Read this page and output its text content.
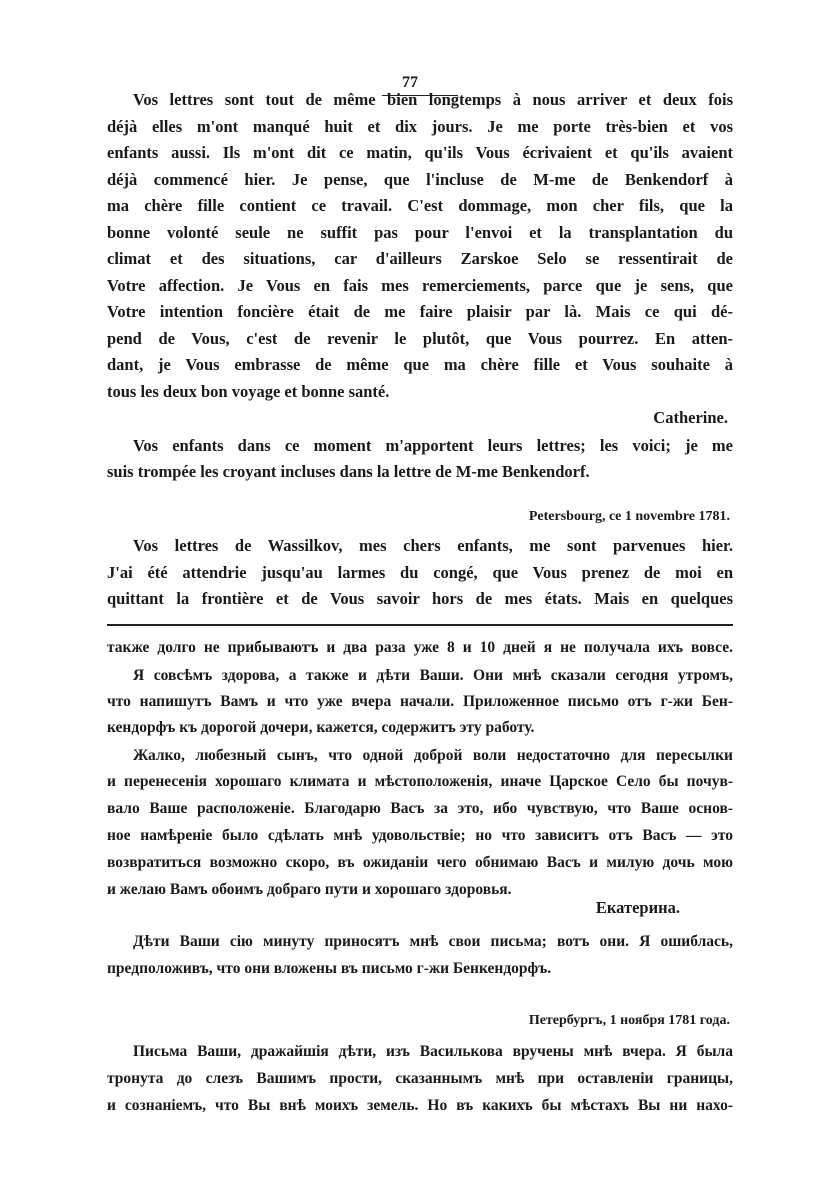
77
Vos lettres sont tout de même bien longtemps à nous arriver et deux fois
déjà elles m'ont manqué huit et dix jours. Je me porte très-bien et vos
enfants aussi. Ils m'ont dit ce matin, qu'ils Vous écrivaient et qu'ils avaient
déjà commencé hier. Je pense, que l'incluse de M-me de Benkendorf à
ma chère fille contient ce travail. C'est dommage, mon cher fils, que la
bonne volonté seule ne suffit pas pour l'envoi et la transplantation du
climat et des situations, car d'ailleurs Zarskoe Selo se ressentirait de
Votre affection. Je Vous en fais mes remerciements, parce que je sens, que
Votre intention foncière était de me faire plaisir par là. Mais ce qui dé-
pend de Vous, c'est de revenir le plutôt, que Vous pourrez. En atten-
dant, je Vous embrasse de même que ma chère fille et Vous souhaite à
tous les deux bon voyage et bonne santé.
Catherine.
Vos enfants dans ce moment m'apportent leurs lettres; les voici; je me
suis trompée les croyant incluses dans la lettre de M-me Benkendorf.
Petersbourg, ce 1 novembre 1781.
Vos lettres de Wassilkov, mes chers enfants, me sont parvenues hier.
J'ai été attendrie jusqu'au larmes du congé, que Vous prenez de moi en
quittant la frontière et de Vous savoir hors de mes états. Mais en quelques
также долго не прибываютъ и два раза уже 8 и 10 дней я не получала ихъ вовсе.
Я совсѣмъ здорова, а также и дѣти Ваши. Они мнѣ сказали сегодня утромъ,
что напишутъ Вамъ и что уже вчера начали. Приложенное письмо отъ г-жи Бен-
кендорфъ къ дорогой дочери, кажется, содержитъ эту работу.
Жалко, любезный сынъ, что одной доброй воли недостаточно для пересылки
и перенесенія хорошаго климата и мѣстоположенія, иначе Царское Село бы почув-
вало Ваше расположеніе. Благодарю Васъ за это, ибо чувствую, что Ваше основ-
ное намѣреніе было сдѣлать мнѣ удовольствіе; но что зависитъ отъ Васъ — это
возвратиться возможно скоро, въ ожиданіи чего обнимаю Васъ и милую дочь мою
и желаю Вамъ обоимъ добраго пути и хорошаго здоровья.
Екатерина.
Дѣти Ваши сію минуту приносятъ мнѣ свои письма; вотъ они. Я ошиблась,
предположивъ, что они вложены въ письмо г-жи Бенкендорфъ.
Петербургъ, 1 ноября 1781 года.
Письма Ваши, дражайшія дѣти, изъ Василькова вручены мнѣ вчера. Я была
тронута до слезъ Вашимъ прости, сказаннымъ мнѣ при оставленіи границы,
и сознаніемъ, что Вы внѣ моихъ земель. Но въ какихъ бы мѣстахъ Вы ни нахо-
